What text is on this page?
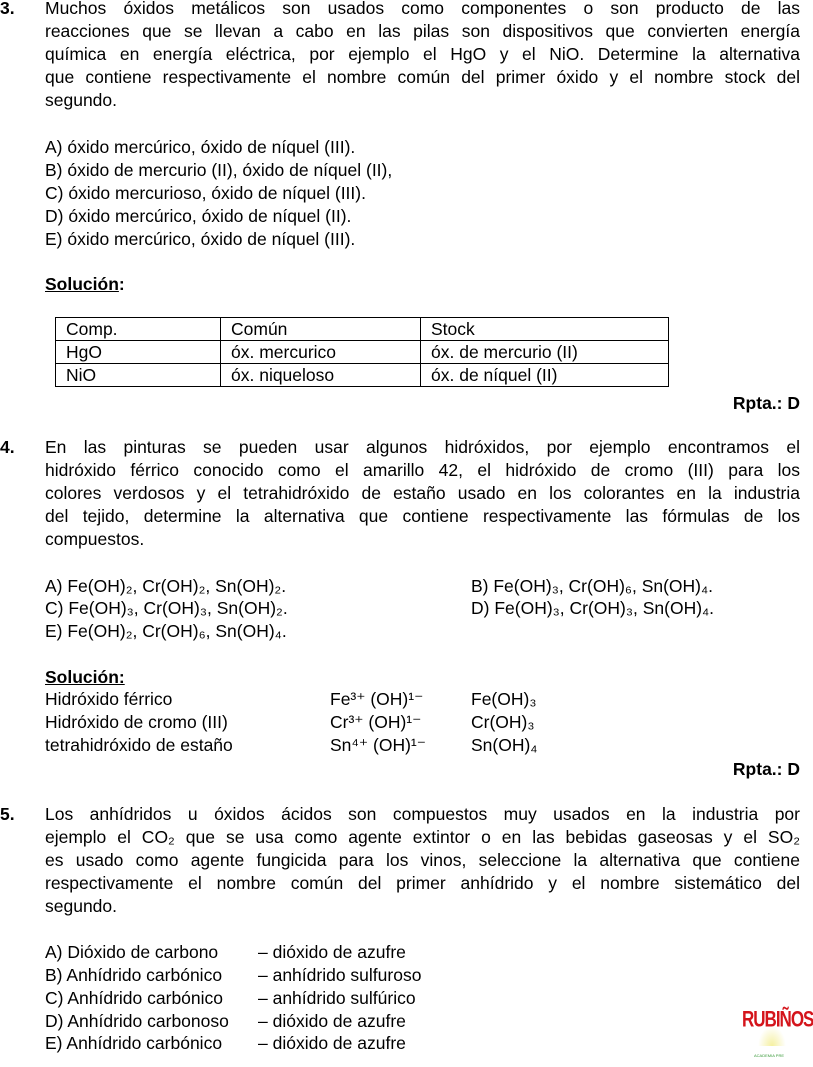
3. Muchos óxidos metálicos son usados como componentes o son producto de las
reacciones que se llevan a cabo en las pilas son dispositivos que convierten energía
química en energía eléctrica, por ejemplo el HgO y el NiO. Determine la alternativa
que contiene respectivamente el nombre común del primer óxido y el nombre stock del
segundo.
A) óxido mercúrico, óxido de níquel (III).
B) óxido de mercurio (II), óxido de níquel (II),
C) óxido mercurioso, óxido de níquel (III).
D) óxido mercúrico, óxido de níquel (II).
E) óxido mercúrico, óxido de níquel (III).
Solución:
Comp.	Común	Stock
HgO	óx. mercurico	óx. de mercurio (II)
NiO	óx. niqueloso	óx. de níquel (II)
Rpta.: D
4. En las pinturas se pueden usar algunos hidróxidos, por ejemplo encontramos el
hidróxido férrico conocido como el amarillo 42, el hidróxido de cromo (III) para los
colores verdosos y el tetrahidróxido de estaño usado en los colorantes en la industria
del tejido, determine la alternativa que contiene respectivamente las fórmulas de los
compuestos.
A) Fe(OH)₂, Cr(OH)₂, Sn(OH)₂.	B) Fe(OH)₃, Cr(OH)₆, Sn(OH)₄.
C) Fe(OH)₃, Cr(OH)₃, Sn(OH)₂.	D) Fe(OH)₃, Cr(OH)₃, Sn(OH)₄.
E) Fe(OH)₂, Cr(OH)₆, Sn(OH)₄.
Solución:
Hidróxido férrico	Fe³⁺ (OH)¹⁻	Fe(OH)₃
Hidróxido de cromo (III)	Cr³⁺ (OH)¹⁻	Cr(OH)₃
tetrahidróxido de estaño	Sn⁴⁺ (OH)¹⁻	Sn(OH)₄
Rpta.: D
5. Los anhídridos u óxidos ácidos son compuestos muy usados en la industria por
ejemplo el CO₂ que se usa como agente extintor o en las bebidas gaseosas y el SO₂
es usado como agente fungicida para los vinos, seleccione la alternativa que contiene
respectivamente el nombre común del primer anhídrido y el nombre sistemático del
segundo.
A) Dióxido de carbono – dióxido de azufre
B) Anhídrido carbónico – anhídrido sulfuroso
C) Anhídrido carbónico – anhídrido sulfúrico
D) Anhídrido carbonoso – dióxido de azufre
E) Anhídrido carbónico – dióxido de azufre
RUBIÑOS
ACADEMIA PRE
